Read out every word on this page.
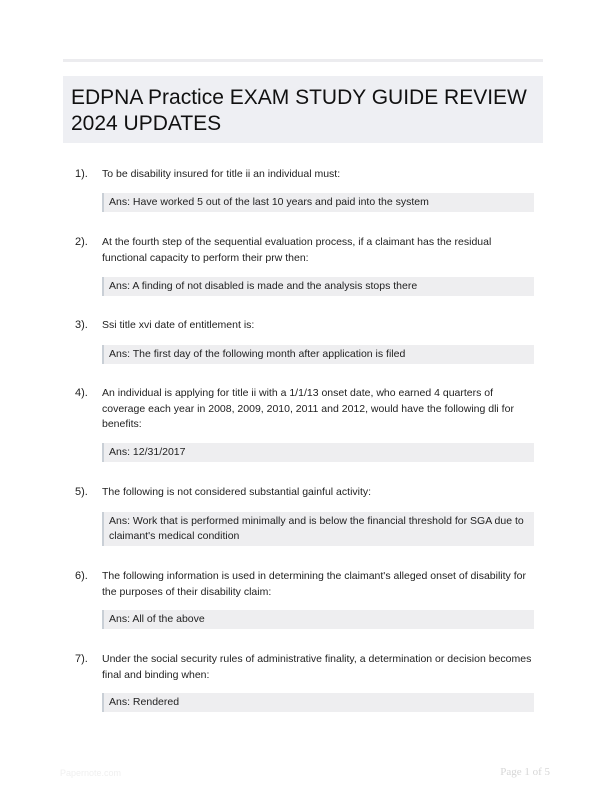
EDPNA Practice EXAM STUDY GUIDE REVIEW 2024 UPDATES
1). To be disability insured for title ii an individual must:
Ans: Have worked 5 out of the last 10 years and paid into the system
2). At the fourth step of the sequential evaluation process, if a claimant has the residual functional capacity to perform their prw then:
Ans: A finding of not disabled is made and the analysis stops there
3). Ssi title xvi date of entitlement is:
Ans: The first day of the following month after application is filed
4). An individual is applying for title ii with a 1/1/13 onset date, who earned 4 quarters of coverage each year in 2008, 2009, 2010, 2011 and 2012, would have the following dli for benefits:
Ans: 12/31/2017
5). The following is not considered substantial gainful activity:
Ans: Work that is performed minimally and is below the financial threshold for SGA due to claimant's medical condition
6). The following information is used in determining the claimant's alleged onset of disability for the purposes of their disability claim:
Ans: All of the above
7). Under the social security rules of administrative finality, a determination or decision becomes final and binding when:
Ans: Rendered
Papernote.com	Page 1 of 5
